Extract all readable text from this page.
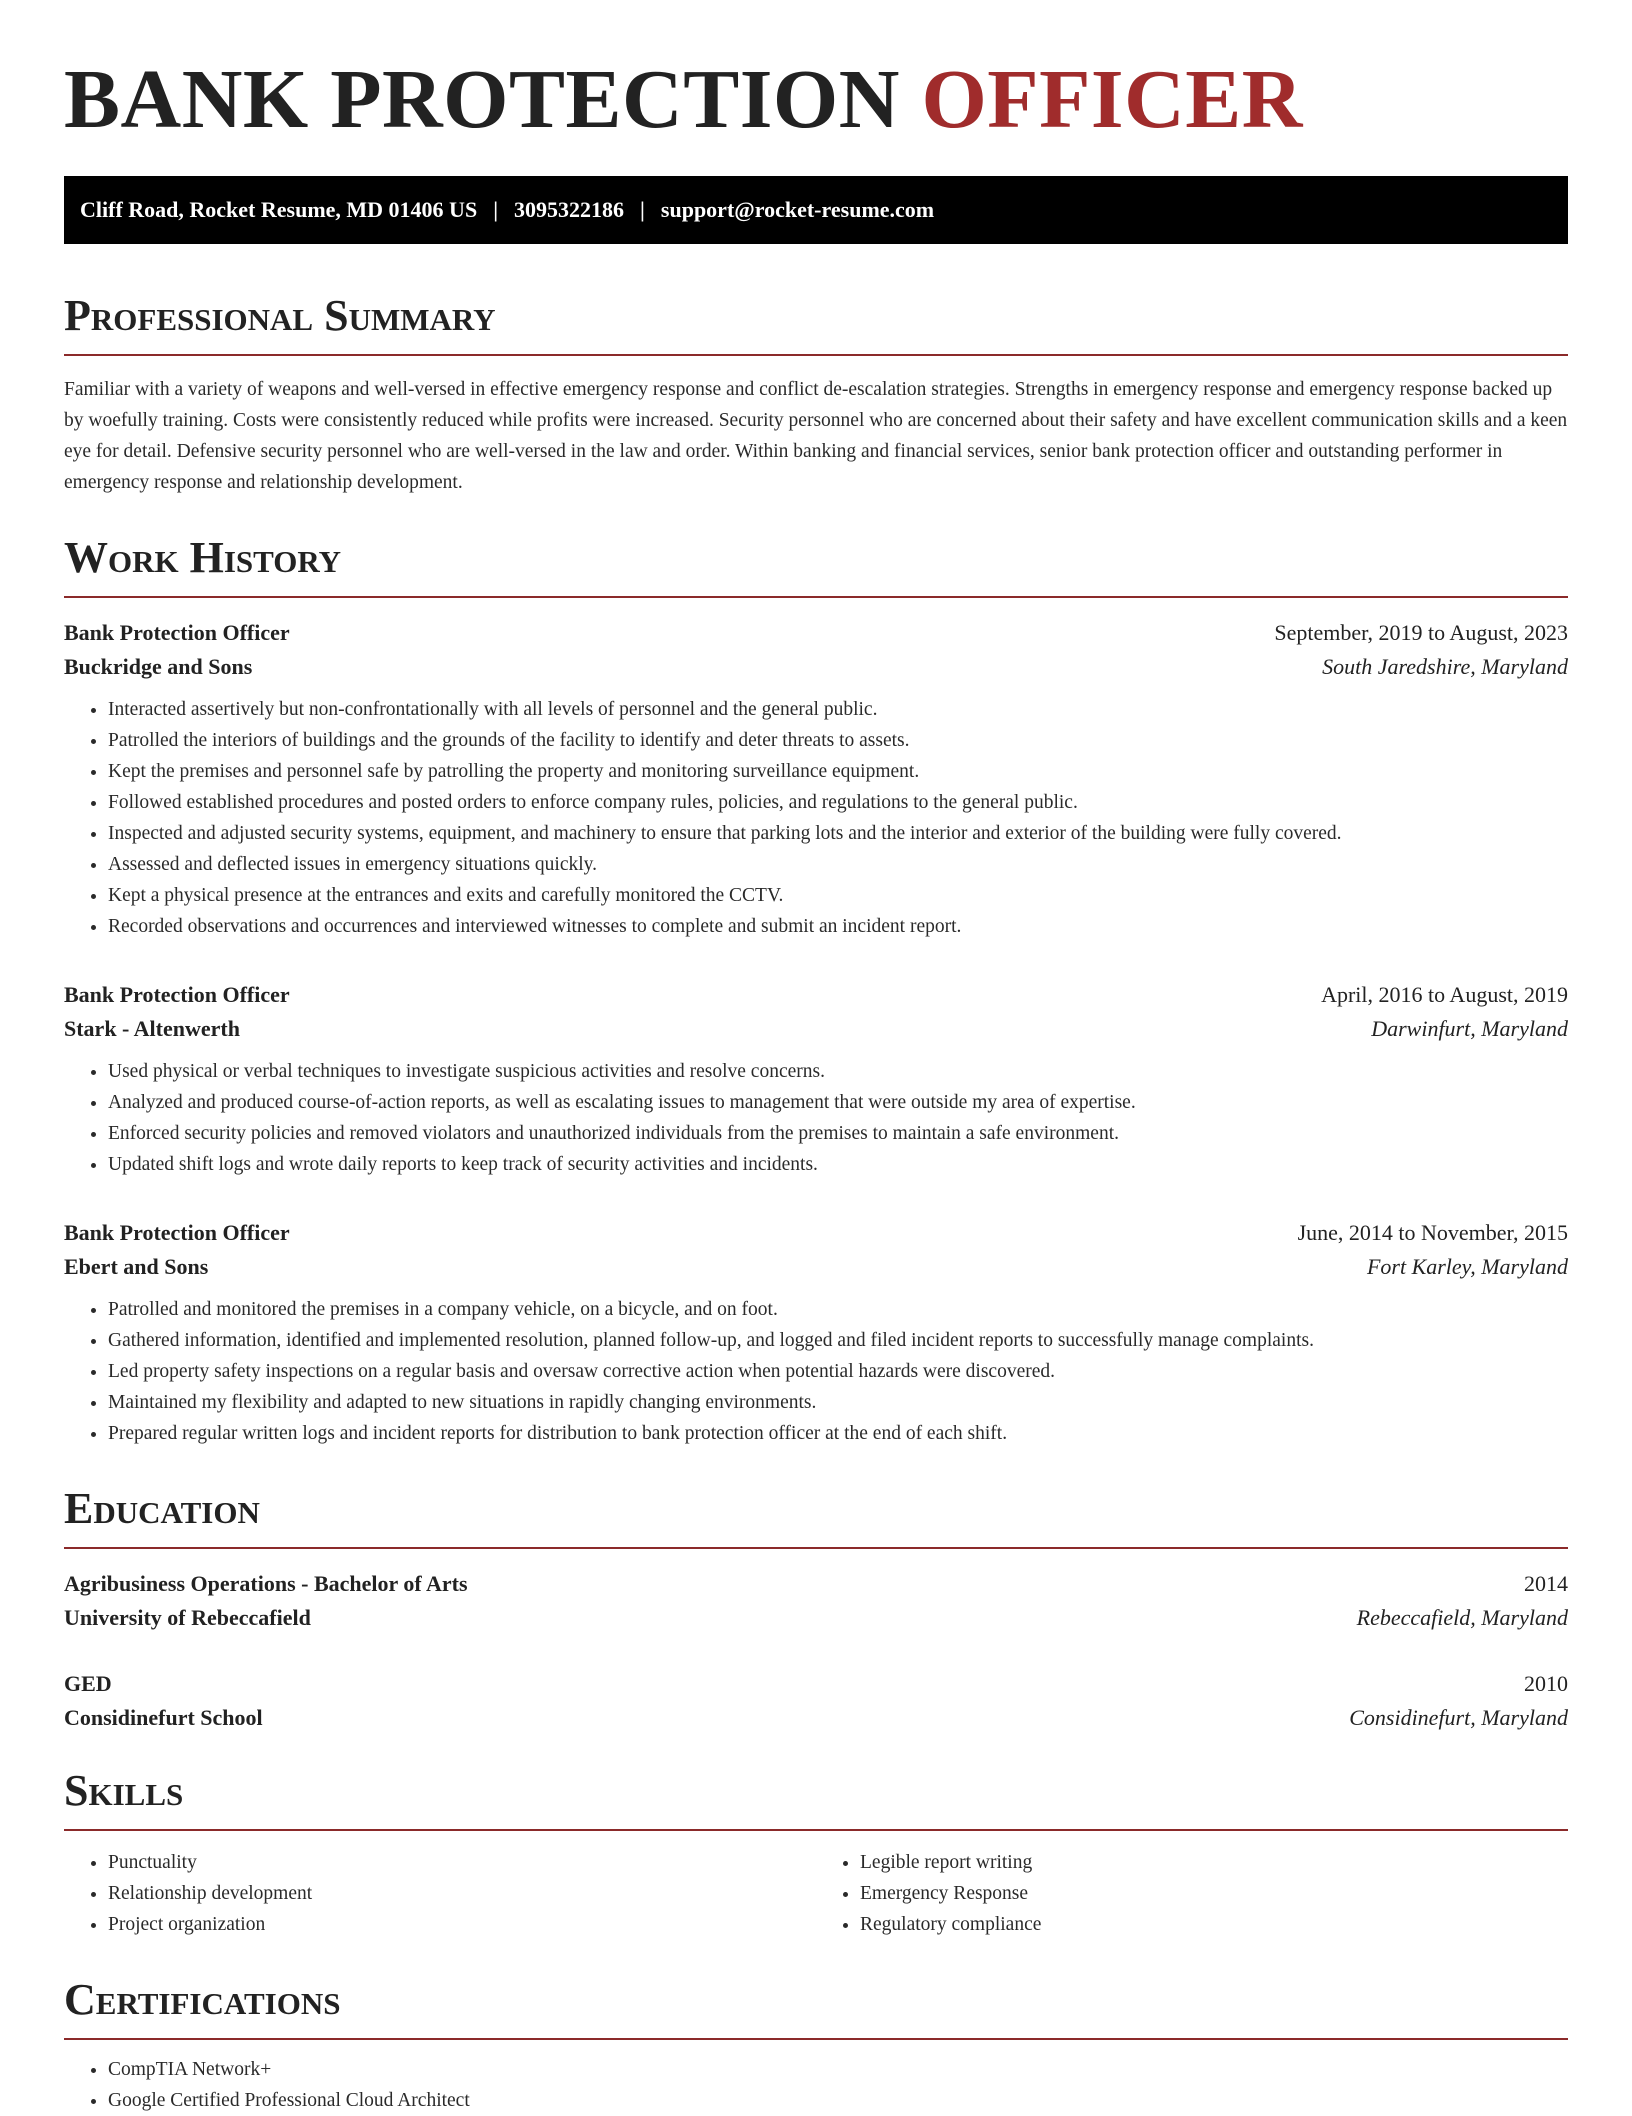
BANK PROTECTION OFFICER
Cliff Road, Rocket Resume, MD 01406 US | 3095322186 | support@rocket-resume.com
Professional Summary

Familiar with a variety of weapons and well-versed in effective emergency response and conflict de-escalation strategies. Strengths in emergency response and emergency response backed up by woefully training. Costs were consistently reduced while profits were increased. Security personnel who are concerned about their safety and have excellent communication skills and a keen eye for detail. Defensive security personnel who are well-versed in the law and order. Within banking and financial services, senior bank protection officer and outstanding performer in emergency response and relationship development.

Work History
Bank Protection Officer	September, 2019 to August, 2023
Buckridge and Sons	South Jaredshire, Maryland
• Interacted assertively but non-confrontationally with all levels of personnel and the general public.
• Patrolled the interiors of buildings and the grounds of the facility to identify and deter threats to assets.
• Kept the premises and personnel safe by patrolling the property and monitoring surveillance equipment.
• Followed established procedures and posted orders to enforce company rules, policies, and regulations to the general public.
• Inspected and adjusted security systems, equipment, and machinery to ensure that parking lots and the interior and exterior of the building were fully covered.
• Assessed and deflected issues in emergency situations quickly.
• Kept a physical presence at the entrances and exits and carefully monitored the CCTV.
• Recorded observations and occurrences and interviewed witnesses to complete and submit an incident report.
Bank Protection Officer	April, 2016 to August, 2019
Stark - Altenwerth	Darwinfurt, Maryland
• Used physical or verbal techniques to investigate suspicious activities and resolve concerns.
• Analyzed and produced course-of-action reports, as well as escalating issues to management that were outside my area of expertise.
• Enforced security policies and removed violators and unauthorized individuals from the premises to maintain a safe environment.
• Updated shift logs and wrote daily reports to keep track of security activities and incidents.
Bank Protection Officer	June, 2014 to November, 2015
Ebert and Sons	Fort Karley, Maryland
• Patrolled and monitored the premises in a company vehicle, on a bicycle, and on foot.
• Gathered information, identified and implemented resolution, planned follow-up, and logged and filed incident reports to successfully manage complaints.
• Led property safety inspections on a regular basis and oversaw corrective action when potential hazards were discovered.
• Maintained my flexibility and adapted to new situations in rapidly changing environments.
• Prepared regular written logs and incident reports for distribution to bank protection officer at the end of each shift.
Education
Agribusiness Operations - Bachelor of Arts	2014
University of Rebeccafield	Rebeccafield, Maryland
GED	2010
Considinefurt School	Considinefurt, Maryland
Skills
• Punctuality
• Relationship development
• Project organization
• Legible report writing
• Emergency Response
• Regulatory compliance
Certifications
• CompTIA Network+
• Google Certified Professional Cloud Architect
